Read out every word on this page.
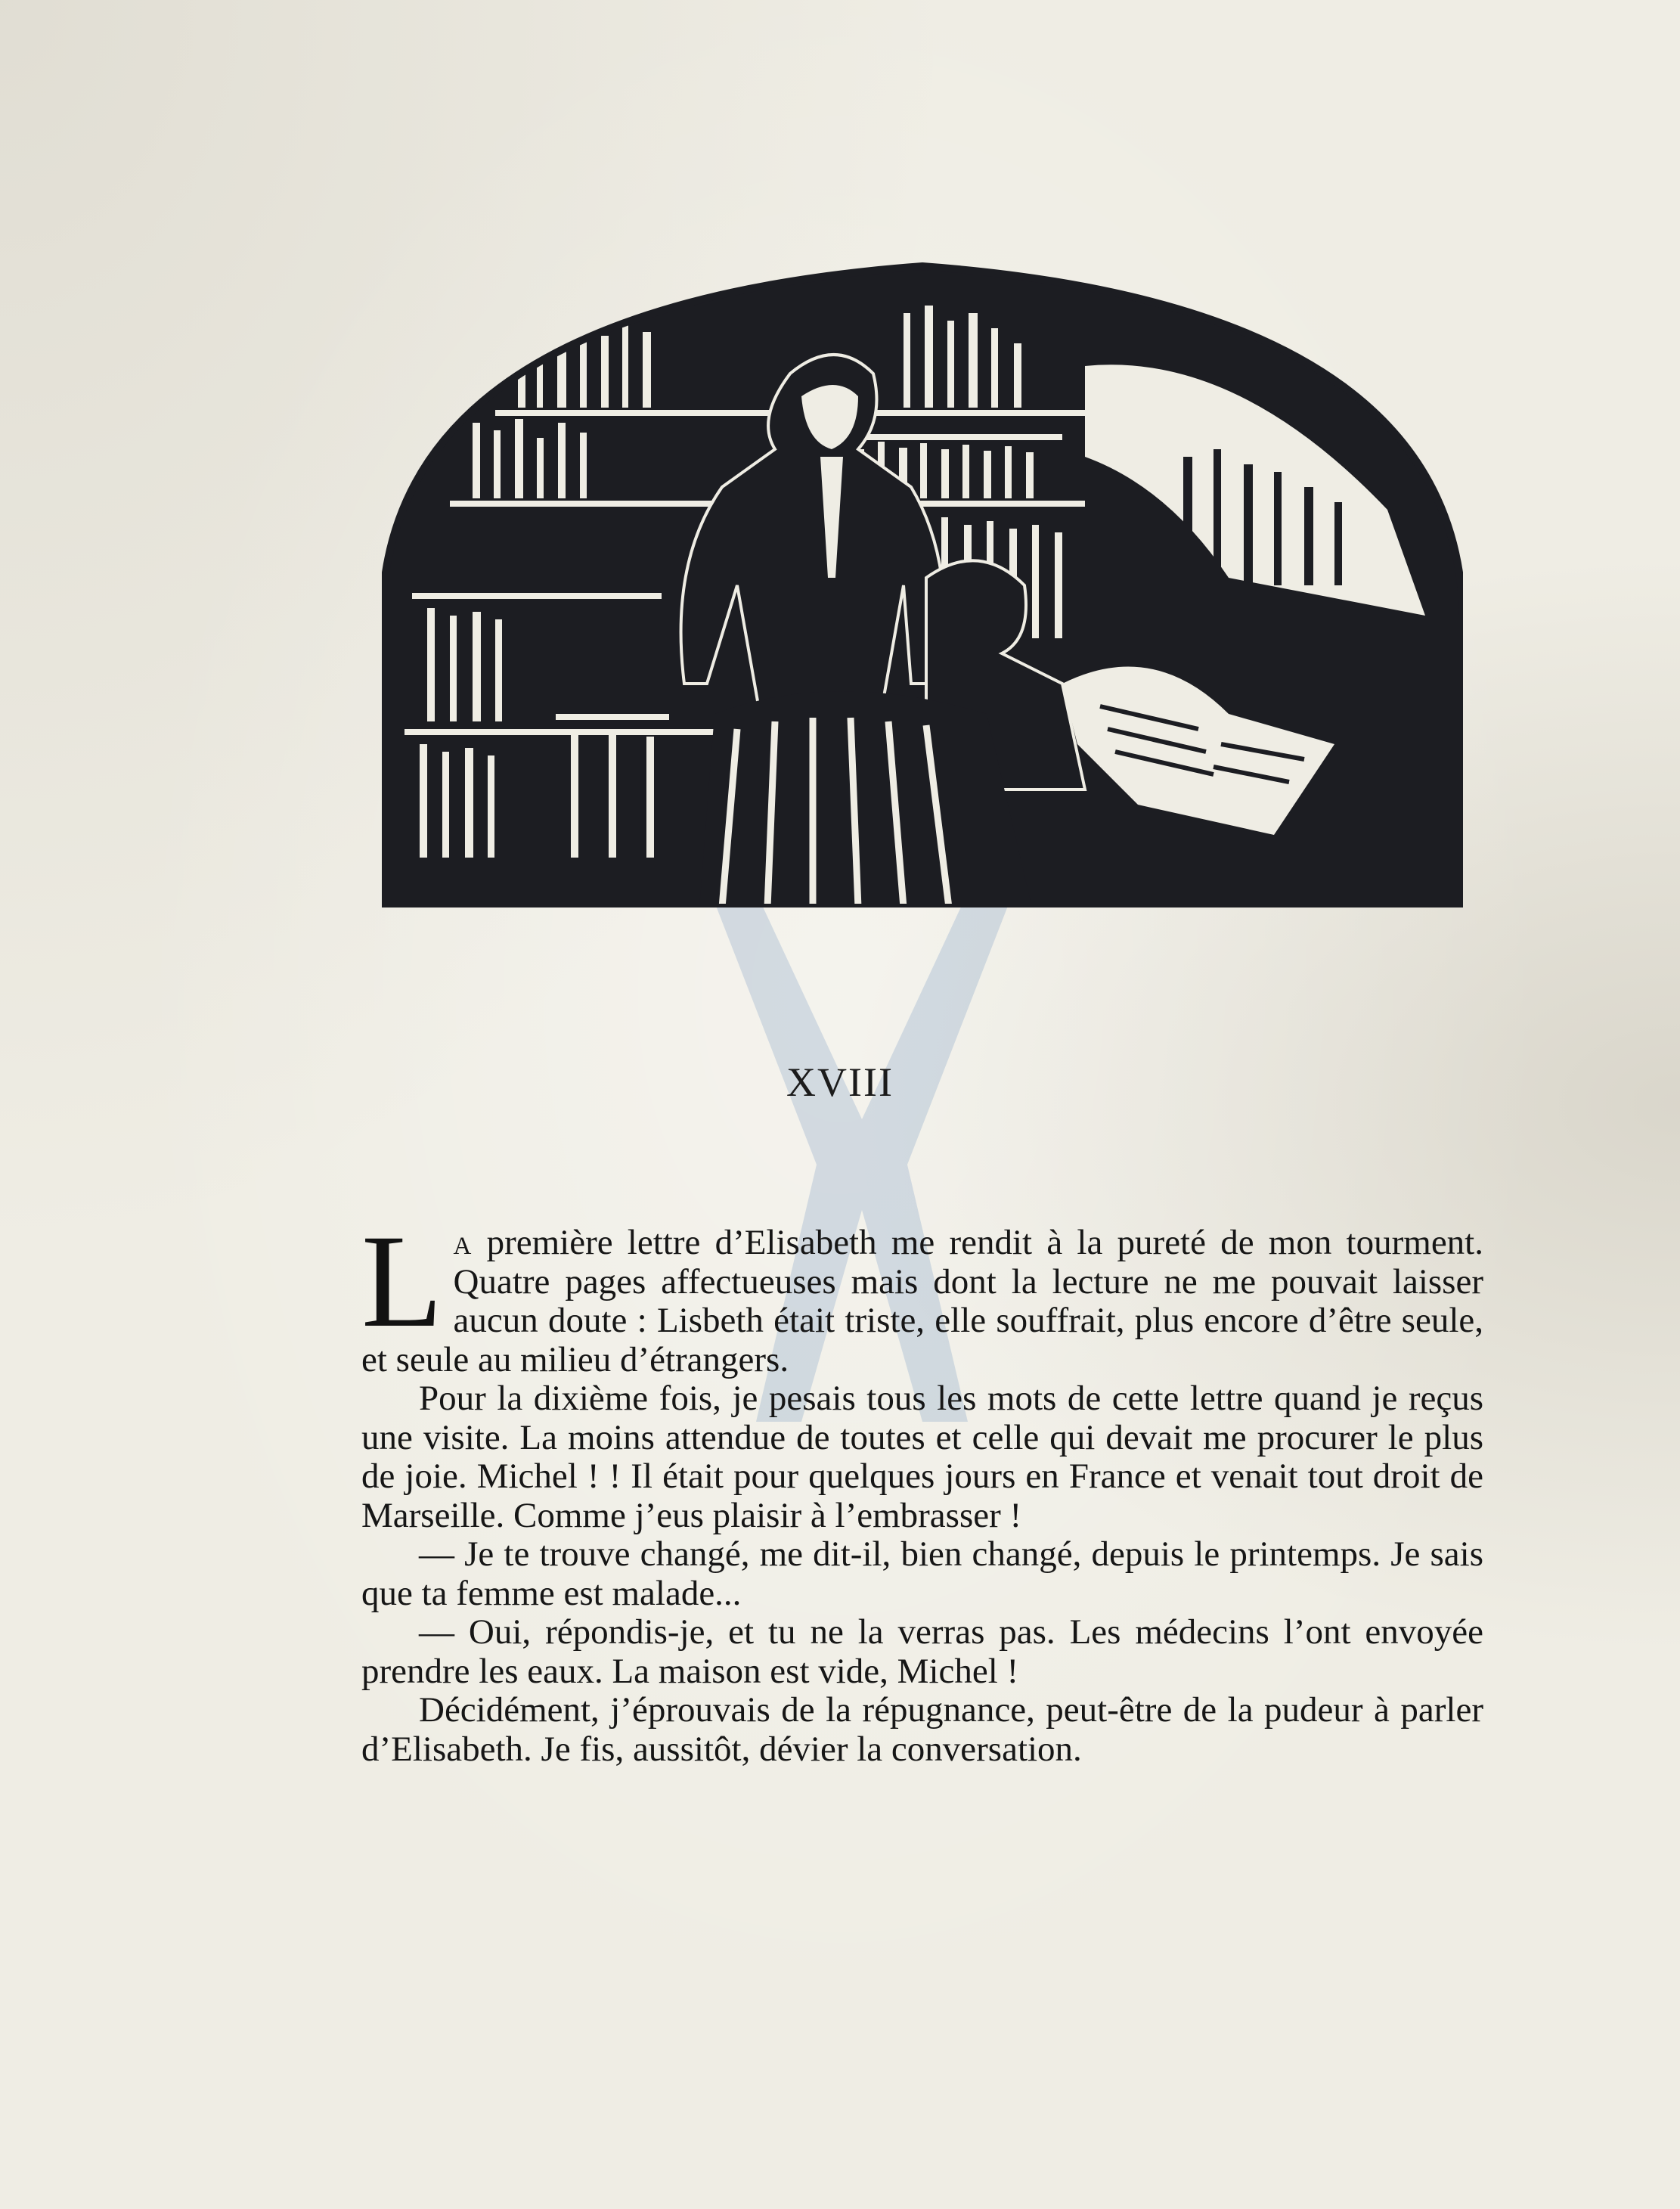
XVIII

L a première lettre d’Elisabeth me rendit à la pureté de mon tourment. Quatre pages affectueuses mais dont la lecture ne me pouvait laisser aucun doute : Lisbeth était triste, elle souffrait, plus encore d’être seule, et seule au milieu d’étrangers.

Pour la dixième fois, je pesais tous les mots de cette lettre quand je reçus une visite. La moins attendue de toutes et celle qui devait me procurer le plus de joie. Michel ! ! Il était pour quelques jours en France et venait tout droit de Marseille. Comme j’eus plaisir à l’embrasser !

— Je te trouve changé, me dit-il, bien changé, depuis le printemps. Je sais que ta femme est malade...

— Oui, répondis-je, et tu ne la verras pas. Les médecins l’ont envoyée prendre les eaux. La maison est vide, Michel !

Décidément, j’éprouvais de la répugnance, peut-être de la pudeur à parler d’Elisabeth. Je fis, aussitôt, dévier la conversation.
